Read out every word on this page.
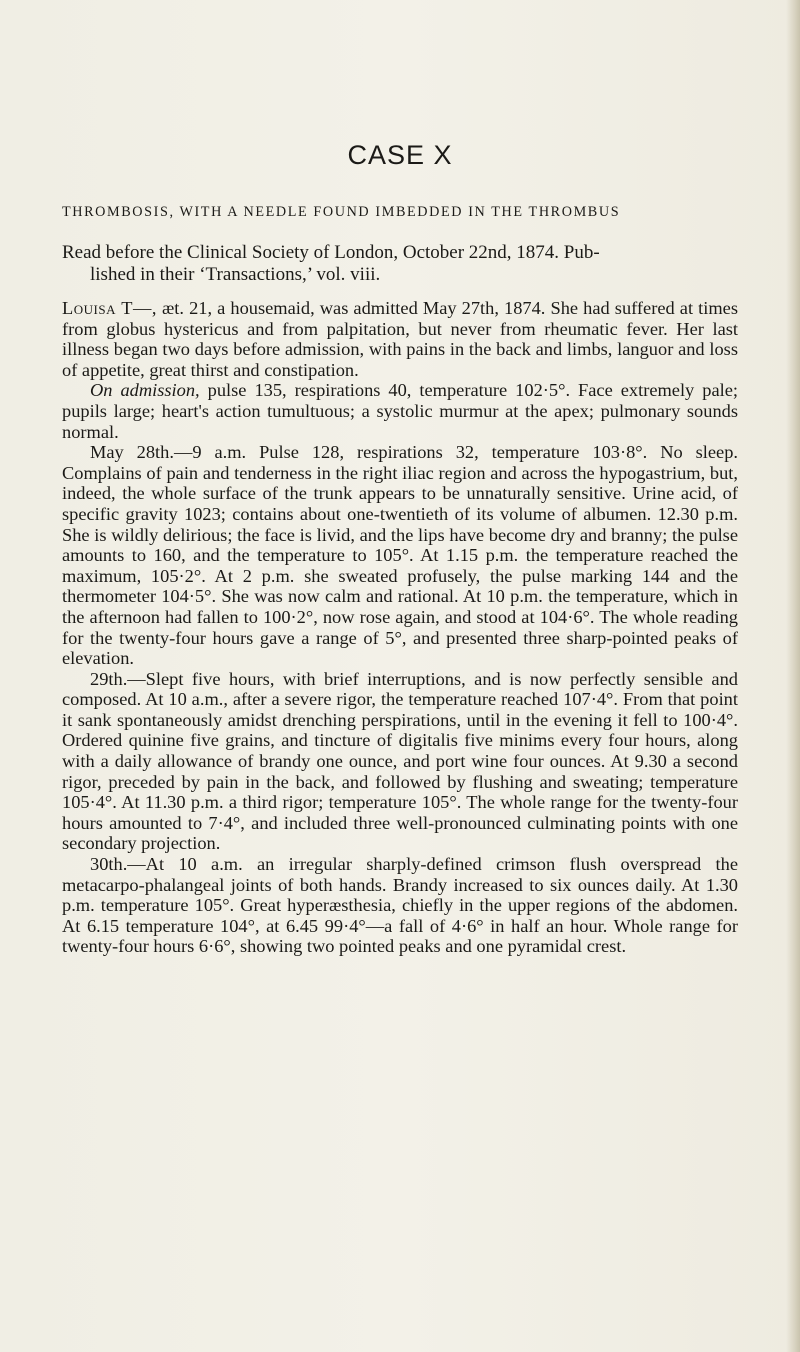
CASE X
THROMBOSIS, WITH A NEEDLE FOUND IMBEDDED IN THE THROMBUS

Read before the Clinical Society of London, October 22nd, 1874. Pub-
lished in their ‘Transactions,’ vol. viii.

Louisa T—, æt. 21, a housemaid, was admitted May 27th, 1874. She had suffered at times from globus hystericus and from palpitation, but never from rheumatic fever. Her last illness began two days before admission, with pains in the back and limbs, languor and loss of appetite, great thirst and constipation.

On admission, pulse 135, respirations 40, temperature 102·5°. Face extremely pale; pupils large; heart's action tumultuous; a systolic murmur at the apex; pulmonary sounds normal.

May 28th.—9 a.m. Pulse 128, respirations 32, temperature 103·8°. No sleep. Complains of pain and tenderness in the right iliac region and across the hypogastrium, but, indeed, the whole surface of the trunk appears to be unnaturally sensitive. Urine acid, of specific gravity 1023; contains about one-twentieth of its volume of albumen. 12.30 p.m. She is wildly delirious; the face is livid, and the lips have become dry and branny; the pulse amounts to 160, and the temperature to 105°. At 1.15 p.m. the temperature reached the maximum, 105·2°. At 2 p.m. she sweated profusely, the pulse marking 144 and the thermometer 104·5°. She was now calm and rational. At 10 p.m. the temperature, which in the afternoon had fallen to 100·2°, now rose again, and stood at 104·6°. The whole reading for the twenty-four hours gave a range of 5°, and presented three sharp-pointed peaks of elevation.

29th.—Slept five hours, with brief interruptions, and is now perfectly sensible and composed. At 10 a.m., after a severe rigor, the temperature reached 107·4°. From that point it sank spontaneously amidst drenching perspirations, until in the evening it fell to 100·4°. Ordered quinine five grains, and tincture of digitalis five minims every four hours, along with a daily allowance of brandy one ounce, and port wine four ounces. At 9.30 a second rigor, preceded by pain in the back, and followed by flushing and sweating; temperature 105·4°. At 11.30 p.m. a third rigor; temperature 105°. The whole range for the twenty-four hours amounted to 7·4°, and included three well-pronounced culminating points with one secondary projection.

30th.—At 10 a.m. an irregular sharply-defined crimson flush overspread the metacarpo-phalangeal joints of both hands. Brandy increased to six ounces daily. At 1.30 p.m. temperature 105°. Great hyperæsthesia, chiefly in the upper regions of the abdomen. At 6.15 temperature 104°, at 6.45 99·4°—a fall of 4·6° in half an hour. Whole range for twenty-four hours 6·6°, showing two pointed peaks and one pyramidal crest.
